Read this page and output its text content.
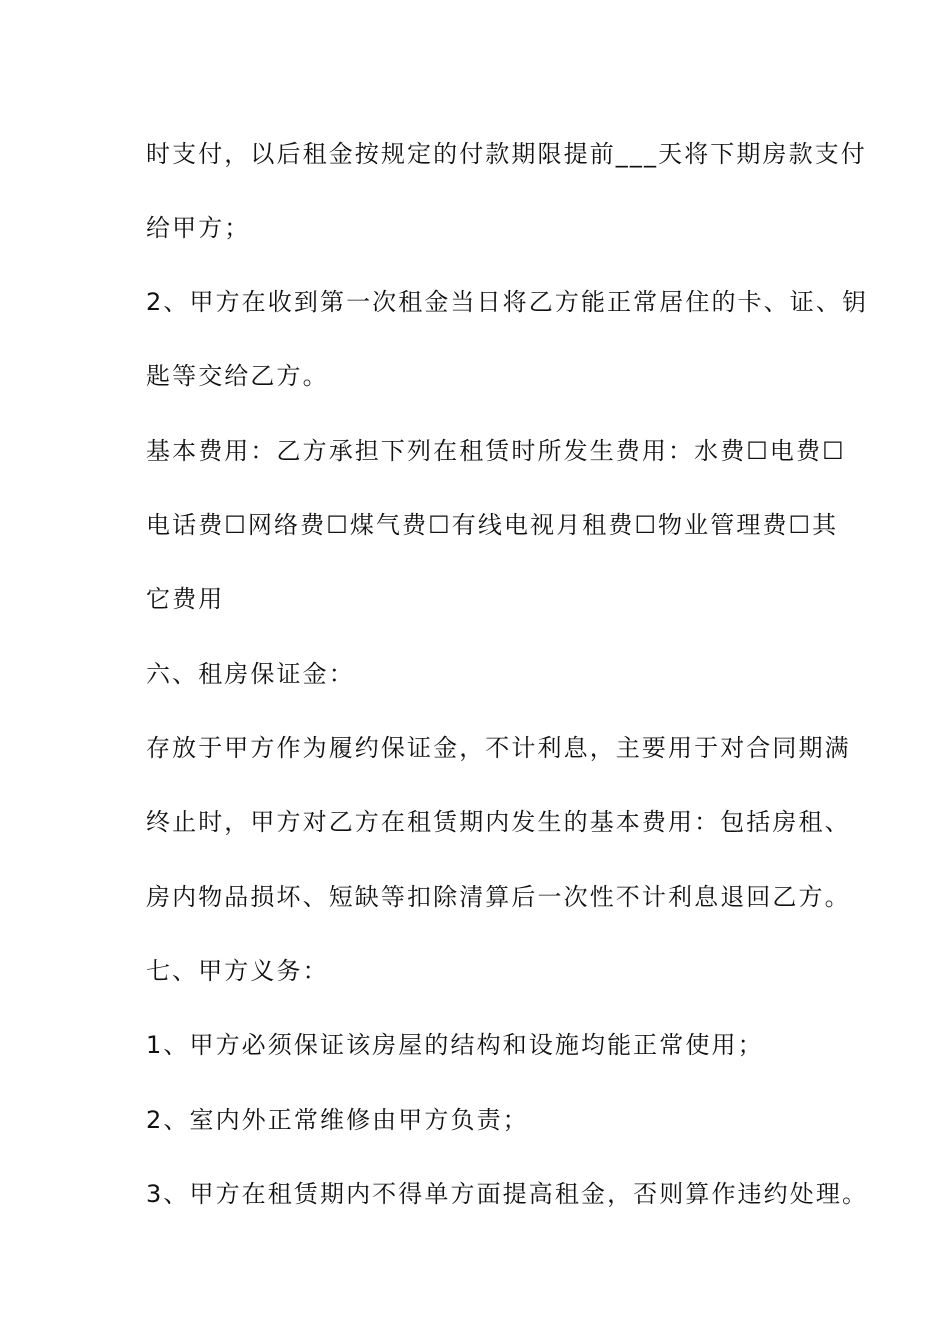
时支付，以后租金按规定的付款期限提前___天将下期房款支付
给甲方；
2、甲方在收到第一次租金当日将乙方能正常居住的卡、证、钥
匙等交给乙方。
基本费用：乙方承担下列在租赁时所发生费用：水费☐电费☐
电话费☐网络费☐煤气费☐有线电视月租费☐物业管理费☐其
它费用
六、租房保证金：
存放于甲方作为履约保证金，不计利息，主要用于对合同期满
终止时，甲方对乙方在租赁期内发生的基本费用：包括房租、
房内物品损坏、短缺等扣除清算后一次性不计利息退回乙方。
七、甲方义务：
1、甲方必须保证该房屋的结构和设施均能正常使用；
2、室内外正常维修由甲方负责；
3、甲方在租赁期内不得单方面提高租金，否则算作违约处理。
